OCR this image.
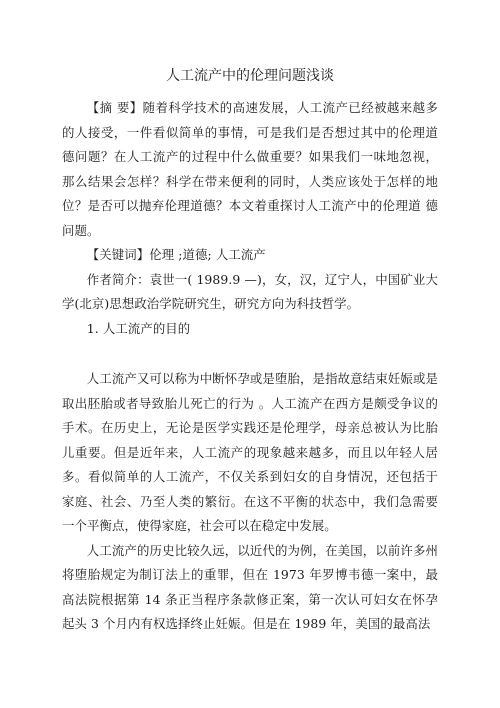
人工流产中的伦理问题浅谈

【摘 要】随着科学技术的高速发展，人工流产已经被越来越多 的人接受，一件看似简单的事情，可是我们是否想过其中的伦理道 德问题？在人工流产的过程中什么做重要？如果我们一味地忽视， 那么结果会怎样？科学在带来便利的同时，人类应该处于怎样的地 位？是否可以抛弃伦理道德？本文着重探讨人工流产中的伦理道 德问题。

【关键词】伦理 ;道德; 人工流产

作者简介：袁世一( 1989.9 —)，女，汉，辽宁人，中国矿业大 学(北京)思想政治学院研究生，研究方向为科技哲学。

1. 人工流产的目的

人工流产又可以称为中断怀孕或是堕胎，是指故意结束妊娠或是 取出胚胎或者导致胎儿死亡的行为 。人工流产在西方是颇受争议的 手术。在历史上，无论是医学实践还是伦理学，母亲总被认为比胎 儿重要。但是近年来，人工流产的现象越来越多，而且以年轻人居 多。看似简单的人工流产，不仅关系到妇女的自身情况，还包括于 家庭、社会、乃至人类的繁衍。在这不平衡的状态中，我们急需要 一个平衡点，使得家庭，社会可以在稳定中发展。

人工流产的历史比较久远，以近代的为例，在美国，以前许多州 将堕胎规定为制订法上的重罪，但在 1973 年罗博韦德一案中，最 高法院根据第 14 条正当程序条款修正案，第一次认可妇女在怀孕 起头 3 个月内有权选择终止妊娠。但是在 1989 年，美国的最高法
